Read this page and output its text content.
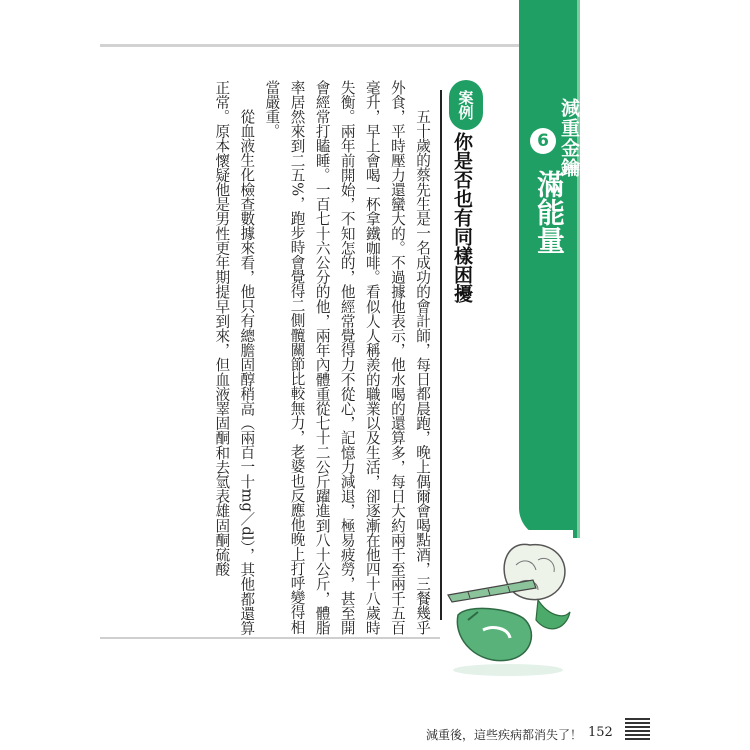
減重金鑰
6
為粒腺體充電，給細胞滿滿能量
案例
你是否也有同樣困擾

五十歲的蔡先生是一名成功的會計師，每日都晨跑，晚上偶爾會喝點酒，三餐幾乎外食，平時壓力還蠻大的。不過據他表示，他水喝的還算多，每日大約兩千至兩千五百毫升，早上會喝一杯拿鐵咖啡。看似人人稱羨的職業以及生活，卻逐漸在他四十八歲時失衡。兩年前開始，不知怎的，他經常覺得力不從心，記憶力減退，極易疲勞，甚至開會經常打瞌睡。一百七十六公分的他，兩年內體重從七十二公斤躍進到八十公斤，體脂率居然來到二五%，跑步時會覺得二側髖關節比較無力，老婆也反應他晚上打呼變得相當嚴重。

從血液生化檢查數據來看，他只有總膽固醇稍高（兩百一十mg／dl），其他都還算正常。原本懷疑他是男性更年期提早到來，但血液睪固酮和去氫表雄固酮硫酸

減重後，這些疾病都消失了！ 152
